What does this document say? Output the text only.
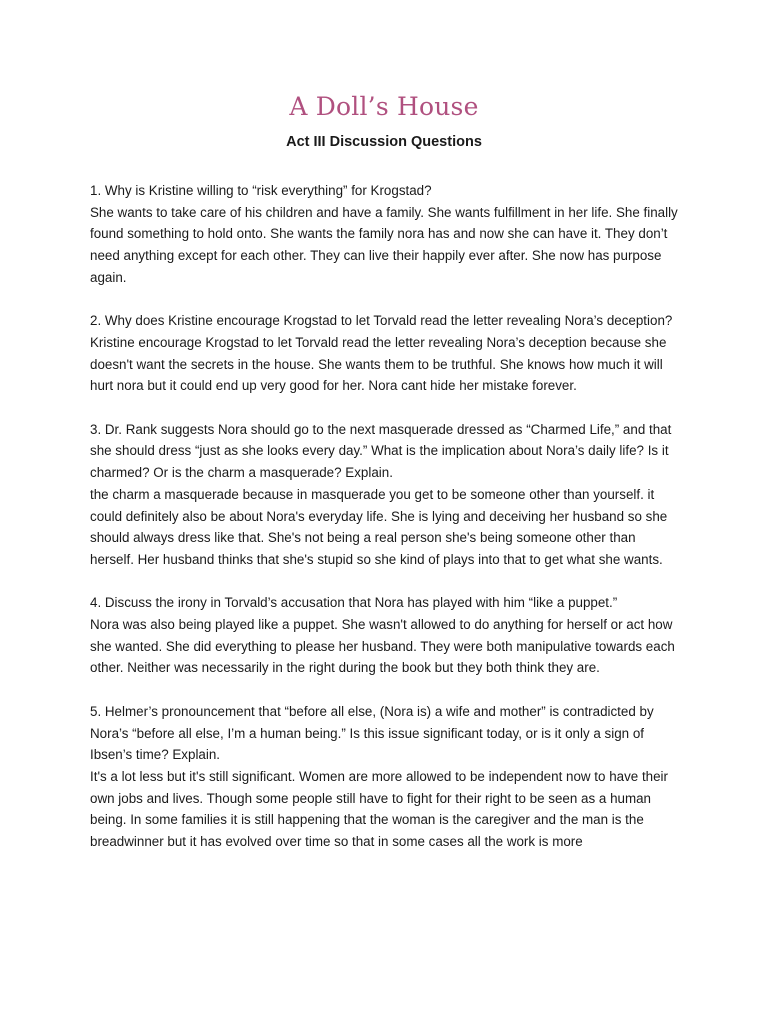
A Doll’s House
Act III Discussion Questions
1. Why is Kristine willing to “risk everything” for Krogstad?
She wants to take care of his children and have a family. She wants fulfillment in her life. She finally found something to hold onto. She wants the family nora has and now she can have it. They don’t need anything except for each other. They can live their happily ever after. She now has purpose again.
2. Why does Kristine encourage Krogstad to let Torvald read the letter revealing Nora’s deception?
Kristine encourage Krogstad to let Torvald read the letter revealing Nora’s deception because she doesn't want the secrets in the house. She wants them to be truthful. She knows how much it will hurt nora but it could end up very good for her. Nora cant hide her mistake forever.
3. Dr. Rank suggests Nora should go to the next masquerade dressed as “Charmed Life,” and that she should dress “just as she looks every day.” What is the implication about Nora’s daily life? Is it charmed? Or is the charm a masquerade? Explain.
the charm a masquerade because in masquerade you get to be someone other than yourself. it could definitely also be about Nora's everyday life. She is lying and deceiving her husband so she should always dress like that. She's not being a real person she's being someone other than herself. Her husband thinks that she's stupid so she kind of plays into that to get what she wants.
4. Discuss the irony in Torvald’s accusation that Nora has played with him “like a puppet.”
Nora was also being played like a puppet. She wasn't allowed to do anything for herself or act how she wanted. She did everything to please her husband. They were both manipulative towards each other. Neither was necessarily in the right during the book but they both think they are.
5. Helmer’s pronouncement that “before all else, (Nora is) a wife and mother” is contradicted by Nora’s “before all else, I’m a human being.” Is this issue significant today, or is it only a sign of Ibsen’s time? Explain.
It's a lot less but it's still significant. Women are more allowed to be independent now to have their own jobs and lives. Though some people still have to fight for their right to be seen as a human being. In some families it is still happening that the woman is the caregiver and the man is the breadwinner but it has evolved over time so that in some cases all the work is more
